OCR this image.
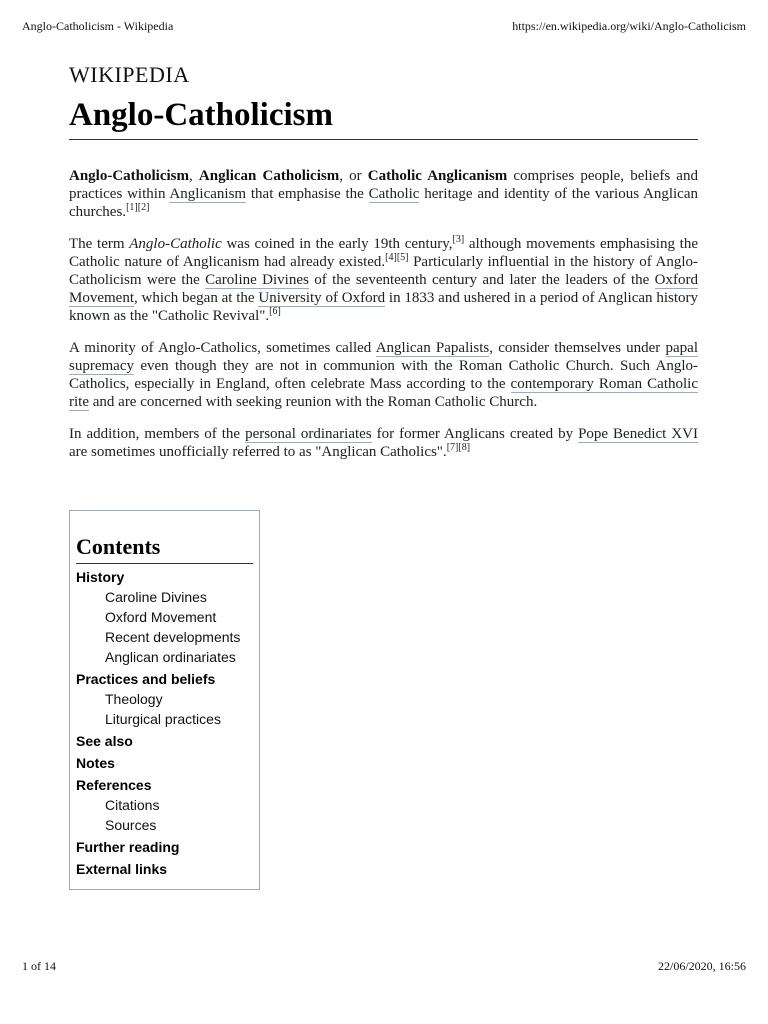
Anglo-Catholicism - Wikipedia	https://en.wikipedia.org/wiki/Anglo-Catholicism
WIKIPEDIA
Anglo-Catholicism

Anglo-Catholicism, Anglican Catholicism, or Catholic Anglicanism comprises people, beliefs and practices within Anglicanism that emphasise the Catholic heritage and identity of the various Anglican churches.[1][2]

The term Anglo-Catholic was coined in the early 19th century,[3] although movements emphasising the Catholic nature of Anglicanism had already existed.[4][5] Particularly influential in the history of Anglo-Catholicism were the Caroline Divines of the seventeenth century and later the leaders of the Oxford Movement, which began at the University of Oxford in 1833 and ushered in a period of Anglican history known as the "Catholic Revival".[6]

A minority of Anglo-Catholics, sometimes called Anglican Papalists, consider themselves under papal supremacy even though they are not in communion with the Roman Catholic Church. Such Anglo-Catholics, especially in England, often celebrate Mass according to the contemporary Roman Catholic rite and are concerned with seeking reunion with the Roman Catholic Church.

In addition, members of the personal ordinariates for former Anglicans created by Pope Benedict XVI are sometimes unofficially referred to as "Anglican Catholics".[7][8]

Contents
History
Caroline Divines
Oxford Movement
Recent developments
Anglican ordinariates
Practices and beliefs
Theology
Liturgical practices
See also
Notes
References
Citations
Sources
Further reading
External links
1 of 14	22/06/2020, 16:56
